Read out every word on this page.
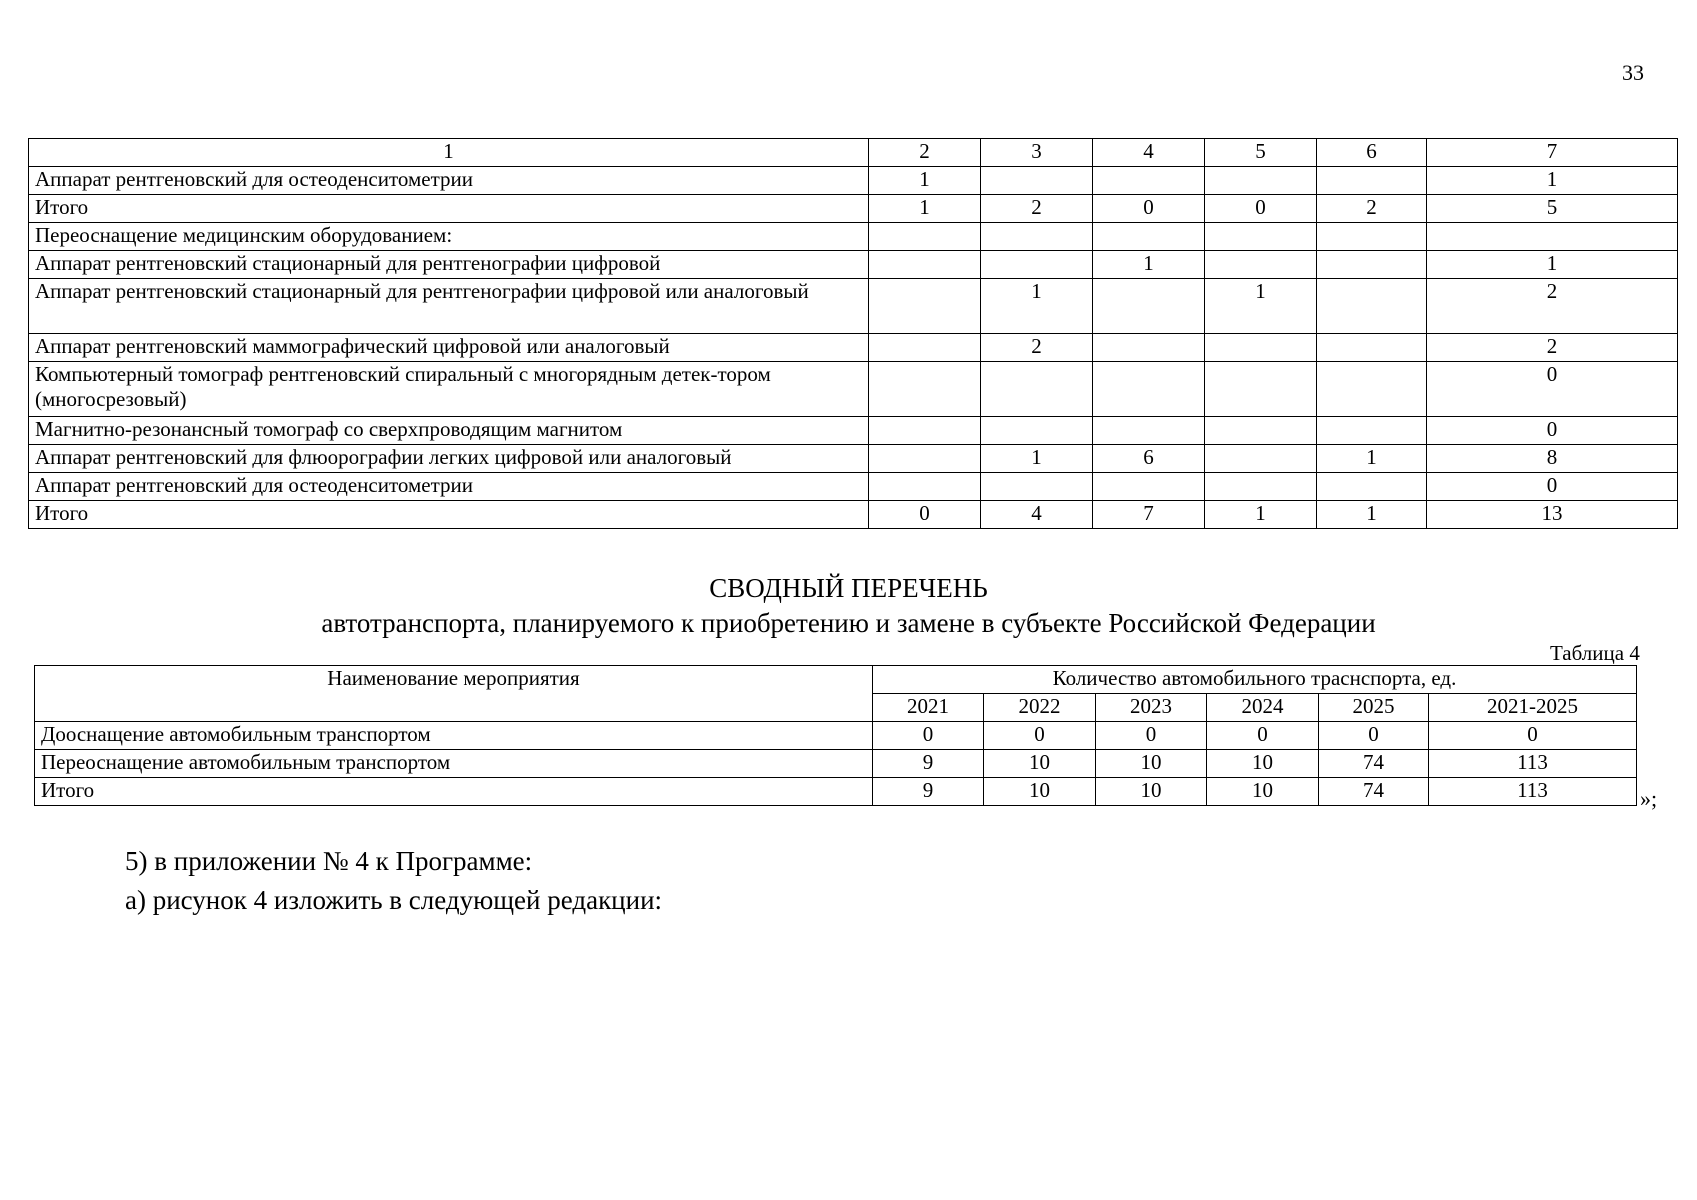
33
1	2	3	4	5	6	7
Аппарат рентгеновский для остеоденситометрии	1					1
Итого	1	2	0	0	2	5
Переоснащение медицинским оборудованием:						
Аппарат рентгеновский стационарный для рентгенографии цифровой			1			1
Аппарат рентгеновский стационарный для рентгенографии цифровой или аналоговый		1		1		2
Аппарат рентгеновский маммографический цифровой или аналоговый		2				2
Компьютерный томограф рентгеновский спиральный с многорядным детек-тором (многосрезовый)						0
Магнитно-резонансный томограф со сверхпроводящим магнитом						0
Аппарат рентгеновский для флюорографии легких цифровой или аналоговый		1	6		1	8
Аппарат рентгеновский для остеоденситометрии						0
Итого	0	4	7	1	1	13
СВОДНЫЙ ПЕРЕЧЕНЬ
автотранспорта, планируемого к приобретению и замене в субъекте Российской Федерации
Таблица 4
Наименование мероприятия	Количество автомобильного траснспорта, ед.					
	2021	2022	2023	2024	2025	2021-2025
Дооснащение автомобильным транспортом	0	0	0	0	0	0
Переоснащение автомобильным транспортом	9	10	10	10	74	113
Итого	9	10	10	10	74	113	»;
5) в приложении № 4 к Программе:
а) рисунок 4 изложить в следующей редакции:
